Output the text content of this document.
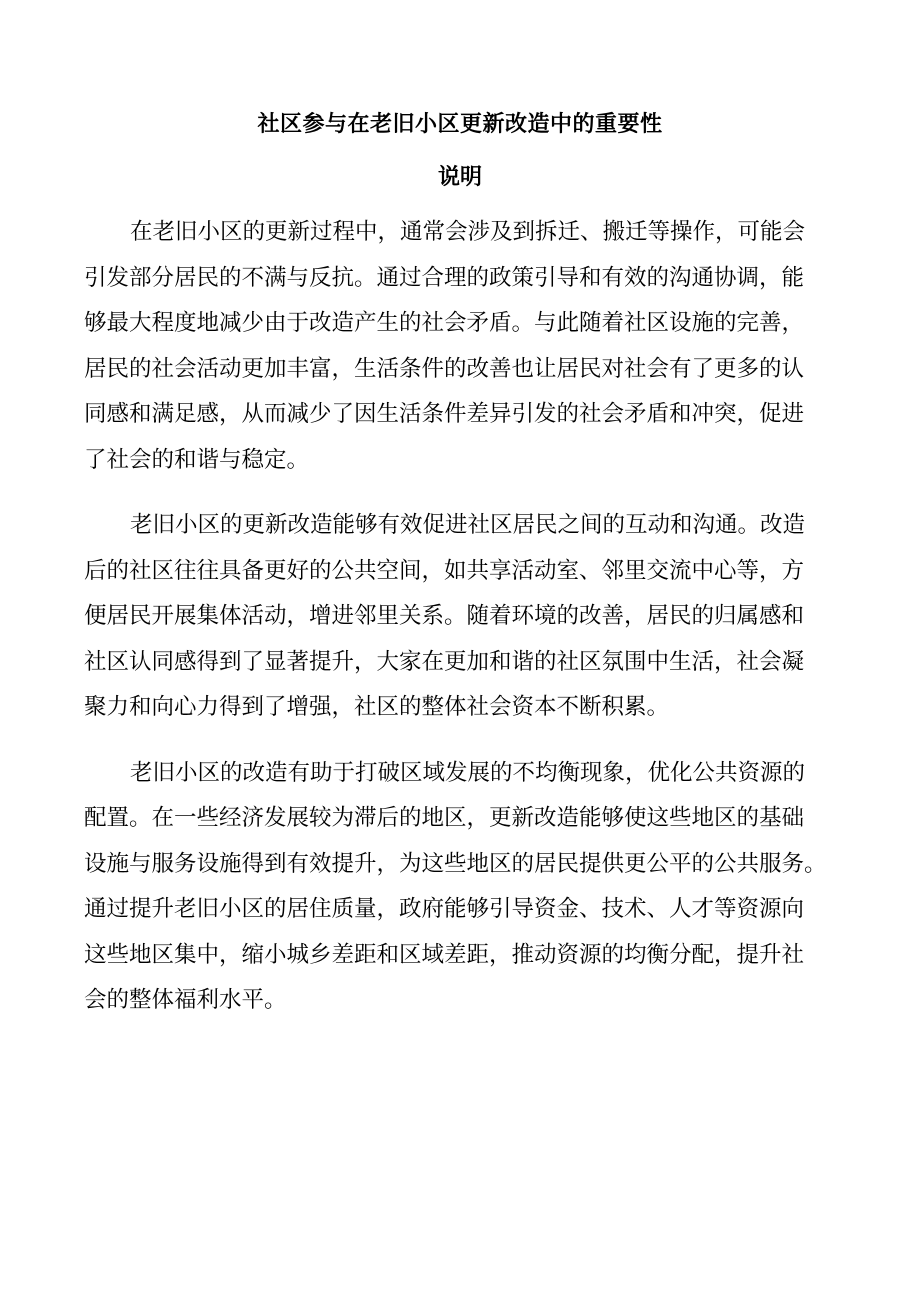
社区参与在老旧小区更新改造中的重要性
说明
在老旧小区的更新过程中，通常会涉及到拆迁、搬迁等操作，可能会
引发部分居民的不满与反抗。通过合理的政策引导和有效的沟通协调，能
够最大程度地减少由于改造产生的社会矛盾。与此随着社区设施的完善，
居民的社会活动更加丰富，生活条件的改善也让居民对社会有了更多的认
同感和满足感，从而减少了因生活条件差异引发的社会矛盾和冲突，促进
了社会的和谐与稳定。
老旧小区的更新改造能够有效促进社区居民之间的互动和沟通。改造
后的社区往往具备更好的公共空间，如共享活动室、邻里交流中心等，方
便居民开展集体活动，增进邻里关系。随着环境的改善，居民的归属感和
社区认同感得到了显著提升，大家在更加和谐的社区氛围中生活，社会凝
聚力和向心力得到了增强，社区的整体社会资本不断积累。
老旧小区的改造有助于打破区域发展的不均衡现象，优化公共资源的
配置。在一些经济发展较为滞后的地区，更新改造能够使这些地区的基础
设施与服务设施得到有效提升，为这些地区的居民提供更公平的公共服务。
通过提升老旧小区的居住质量，政府能够引导资金、技术、人才等资源向
这些地区集中，缩小城乡差距和区域差距，推动资源的均衡分配，提升社
会的整体福利水平。
